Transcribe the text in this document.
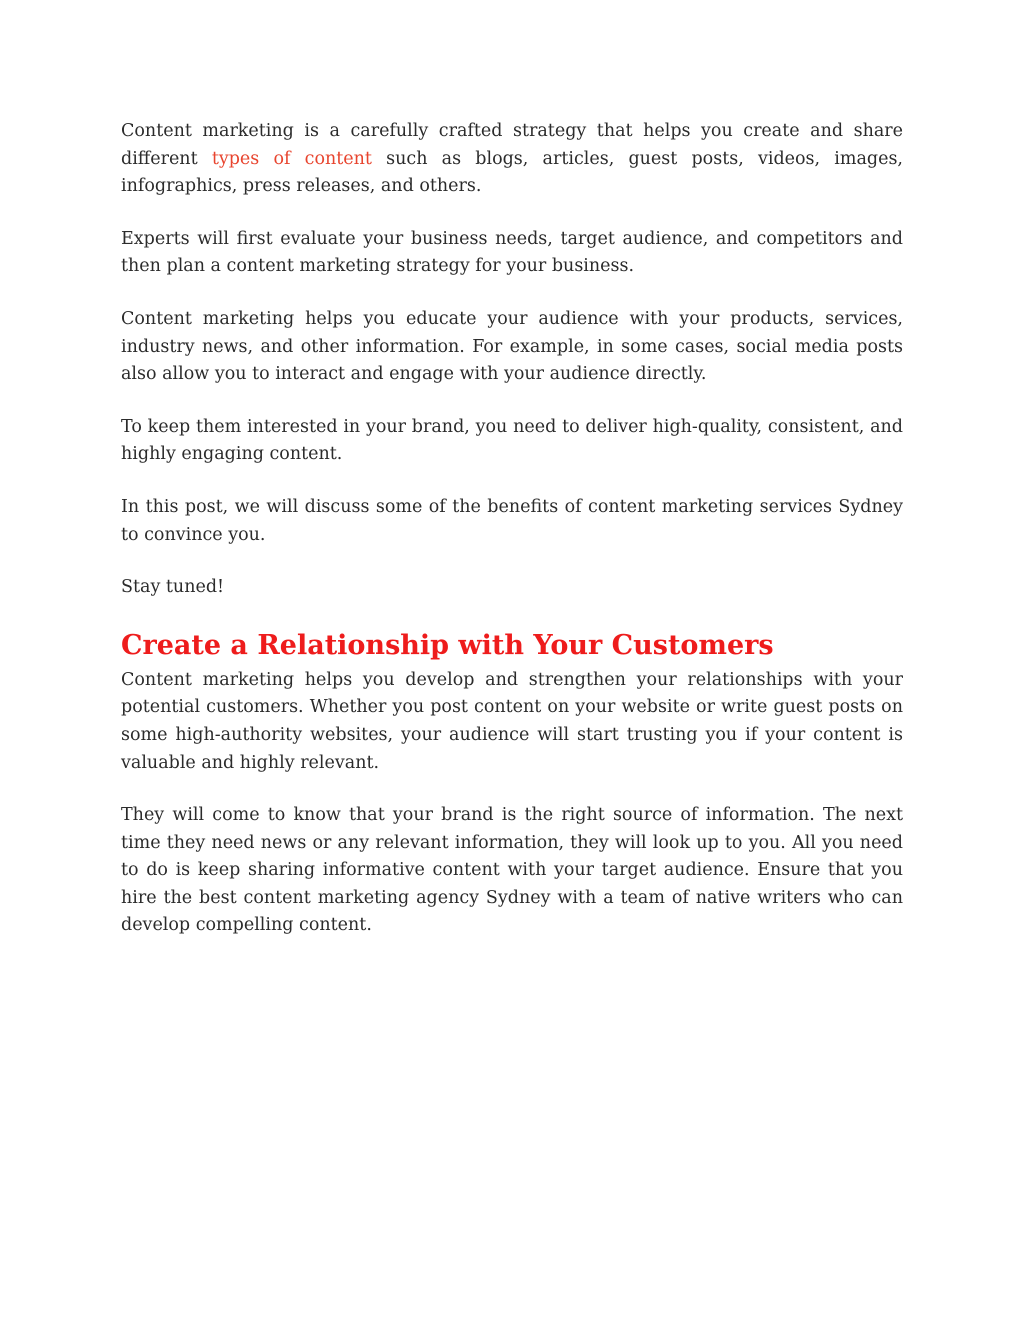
Content marketing is a carefully crafted strategy that helps you create and share different types of content such as blogs, articles, guest posts, videos, images, infographics, press releases, and others.

Experts will first evaluate your business needs, target audience, and competitors and then plan a content marketing strategy for your business.

Content marketing helps you educate your audience with your products, services, industry news, and other information. For example, in some cases, social media posts also allow you to interact and engage with your audience directly.

To keep them interested in your brand, you need to deliver high-quality, consistent, and highly engaging content.

In this post, we will discuss some of the benefits of content marketing services Sydney to convince you.

Stay tuned!

Create a Relationship with Your Customers

Content marketing helps you develop and strengthen your relationships with your potential customers. Whether you post content on your website or write guest posts on some high-authority websites, your audience will start trusting you if your content is valuable and highly relevant.

They will come to know that your brand is the right source of information. The next time they need news or any relevant information, they will look up to you. All you need to do is keep sharing informative content with your target audience. Ensure that you hire the best content marketing agency Sydney with a team of native writers who can develop compelling content.
